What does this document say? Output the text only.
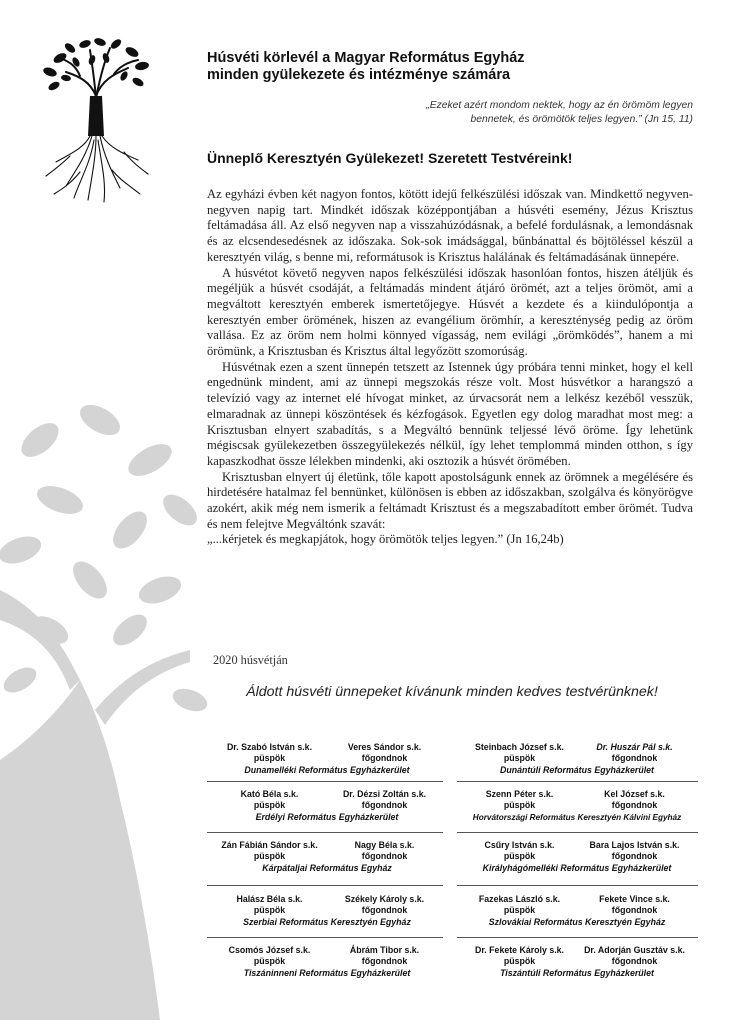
Húsvéti körlevél a Magyar Református Egyház
minden gyülekezete és intézménye számára
„Ezeket azért mondom nektek, hogy az én örömöm legyen
bennetek, és örömötök teljes legyen.” (Jn 15, 11)
Ünneplő Keresztyén Gyülekezet! Szeretett Testvéreink!

Az egyházi évben két nagyon fontos, kötött idejű felkészülési időszak van. Mindkettő negyven-negyven napig tart. Mindkét időszak középpontjában a húsvéti esemény, Jézus Krisztus feltámadása áll. Az első negyven nap a visszahúzódásnak, a befelé fordulásnak, a lemondásnak és az elcsendesedésnek az időszaka. Sok-sok imádsággal, bűnbánattal és böjtöléssel készül a keresztyén világ, s benne mi, reformátusok is Krisztus halálának és feltámadásának ünnepére.

A húsvétot követő negyven napos felkészülési időszak hasonlóan fontos, hiszen átéljük és megéljük a húsvét csodáját, a feltámadás mindent átjáró örömét, azt a teljes örömöt, ami a megváltott keresztyén emberek ismertetőjegye. Húsvét a kezdete és a kiindulópontja a keresztyén ember örömének, hiszen az evangélium örömhír, a kereszténység pedig az öröm vallása. Ez az öröm nem holmi könnyed vígasság, nem evilági „örömködés”, hanem a mi örömünk, a Krisztusban és Krisztus által legyőzött szomorúság.

Húsvétnak ezen a szent ünnepén tetszett az Istennek úgy próbára tenni minket, hogy el kell engednünk mindent, ami az ünnepi megszokás része volt. Most húsvétkor a harangszó a televízió vagy az internet elé hívogat minket, az úrvacsorát nem a lelkész kezéből vesszük, elmaradnak az ünnepi köszöntések és kézfogások. Egyetlen egy dolog maradhat most meg: a Krisztusban elnyert szabadítás, s a Megváltó bennünk teljessé lévő öröme. Így lehetünk mégiscsak gyülekezetben összegyülekezés nélkül, így lehet templommá minden otthon, s így kapaszkodhat össze lélekben mindenki, aki osztozik a húsvét örömében.

Krisztusban elnyert új életünk, tőle kapott apostolságunk ennek az örömnek a megélésére és hirdetésére hatalmaz fel bennünket, különösen is ebben az időszakban, szolgálva és könyörögve azokért, akik még nem ismerik a feltámadt Krisztust és a megszabadított ember örömét. Tudva és nem felejtve Megváltónk szavát:

„...kérjetek és megkapjátok, hogy örömötök teljes legyen.” (Jn 16,24b)

2020 húsvétján
Áldott húsvéti ünnepeket kívánunk minden kedves testvérünknek!
Dr. Szabó István s.k.
püspök
Veres Sándor s.k.
főgondnok
Dunamelléki Református Egyházkerület
Steinbach József s.k.
püspök
Dr. Huszár Pál s.k.
főgondnok
Dunántúli Református Egyházkerület
Kató Béla s.k.
püspök
Dr. Dézsi Zoltán s.k.
főgondnok
Erdélyi Református Egyházkerület
Szenn Péter s.k.
püspök
Kel József s.k.
főgondnok
Horvátországi Református Keresztyén Kálvini Egyház
Zán Fábián Sándor s.k.
püspök
Nagy Béla s.k.
főgondnok
Kárpátaljai Református Egyház
Csűry István s.k.
püspök
Bara Lajos István s.k.
főgondnok
Királyhágómelléki Református Egyházkerület
Halász Béla s.k.
püspök
Székely Károly s.k.
főgondnok
Szerbiai Református Keresztyén Egyház
Fazekas László s.k.
püspök
Fekete Vince s.k.
főgondnok
Szlovákiai Református Keresztyén Egyház
Csomós József s.k.
püspök
Ábrám Tibor s.k.
főgondnok
Tiszáninneni Református Egyházkerület
Dr. Fekete Károly s.k.
püspök
Dr. Adorján Gusztáv s.k.
főgondnok
Tiszántúli Református Egyházkerület
